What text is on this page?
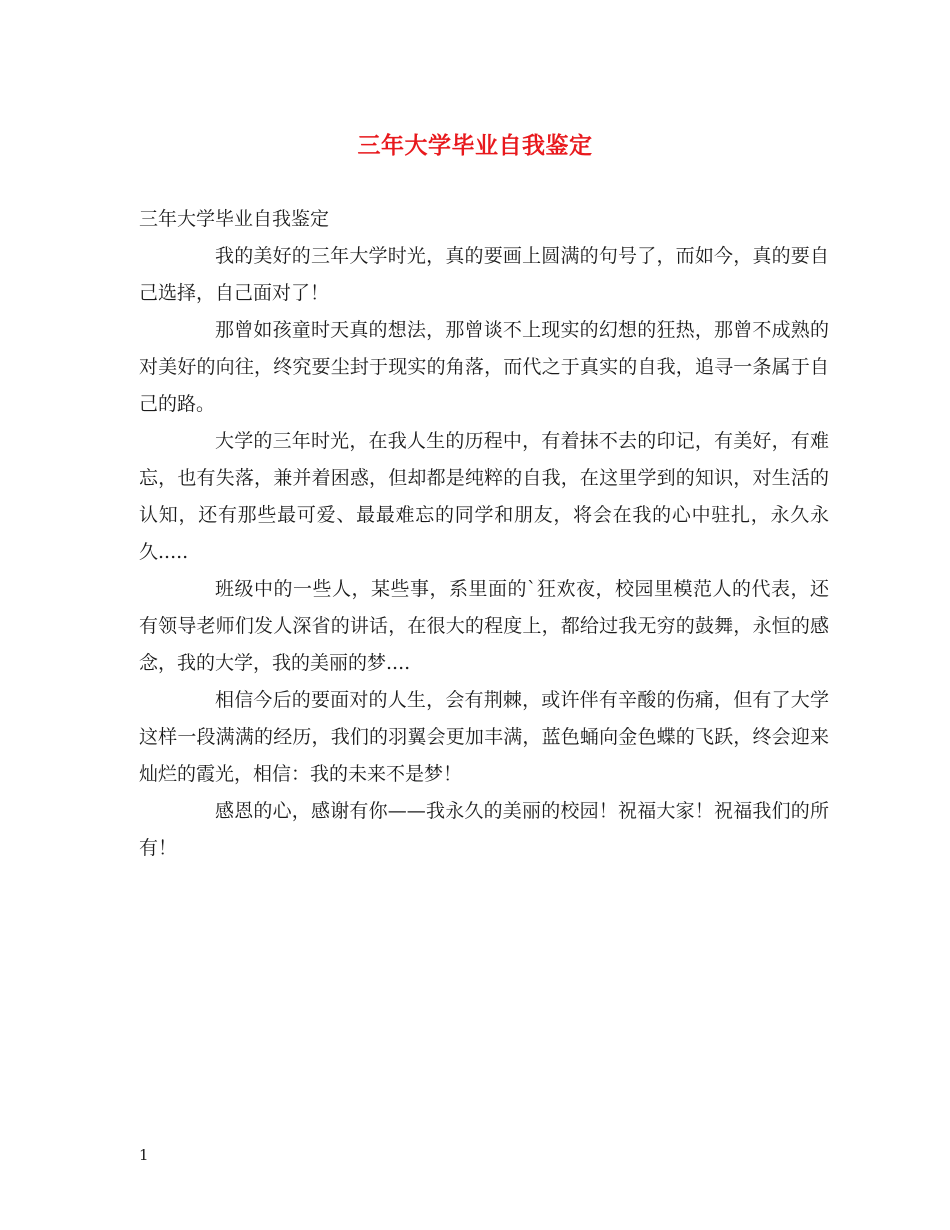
三年大学毕业自我鉴定

三年大学毕业自我鉴定

我的美好的三年大学时光，真的要画上圆满的句号了，而如今，真的要自己选择，自己面对了！

那曾如孩童时天真的想法，那曾谈不上现实的幻想的狂热，那曾不成熟的对美好的向往，终究要尘封于现实的角落，而代之于真实的自我，追寻一条属于自己的路。

大学的三年时光，在我人生的历程中，有着抹不去的印记，有美好，有难忘，也有失落，兼并着困惑，但却都是纯粹的自我，在这里学到的知识，对生活的认知，还有那些最可爱、最最难忘的同学和朋友，将会在我的心中驻扎，永久永久.....

班级中的一些人，某些事，系里面的`狂欢夜，校园里模范人的代表，还有领导老师们发人深省的讲话，在很大的程度上，都给过我无穷的鼓舞，永恒的感念，我的大学，我的美丽的梦....

相信今后的要面对的人生，会有荆棘，或许伴有辛酸的伤痛，但有了大学这样一段满满的经历，我们的羽翼会更加丰满，蓝色蛹向金色蝶的飞跃，终会迎来灿烂的霞光，相信：我的未来不是梦！

感恩的心，感谢有你——我永久的美丽的校园！祝福大家！祝福我们的所有！

1
